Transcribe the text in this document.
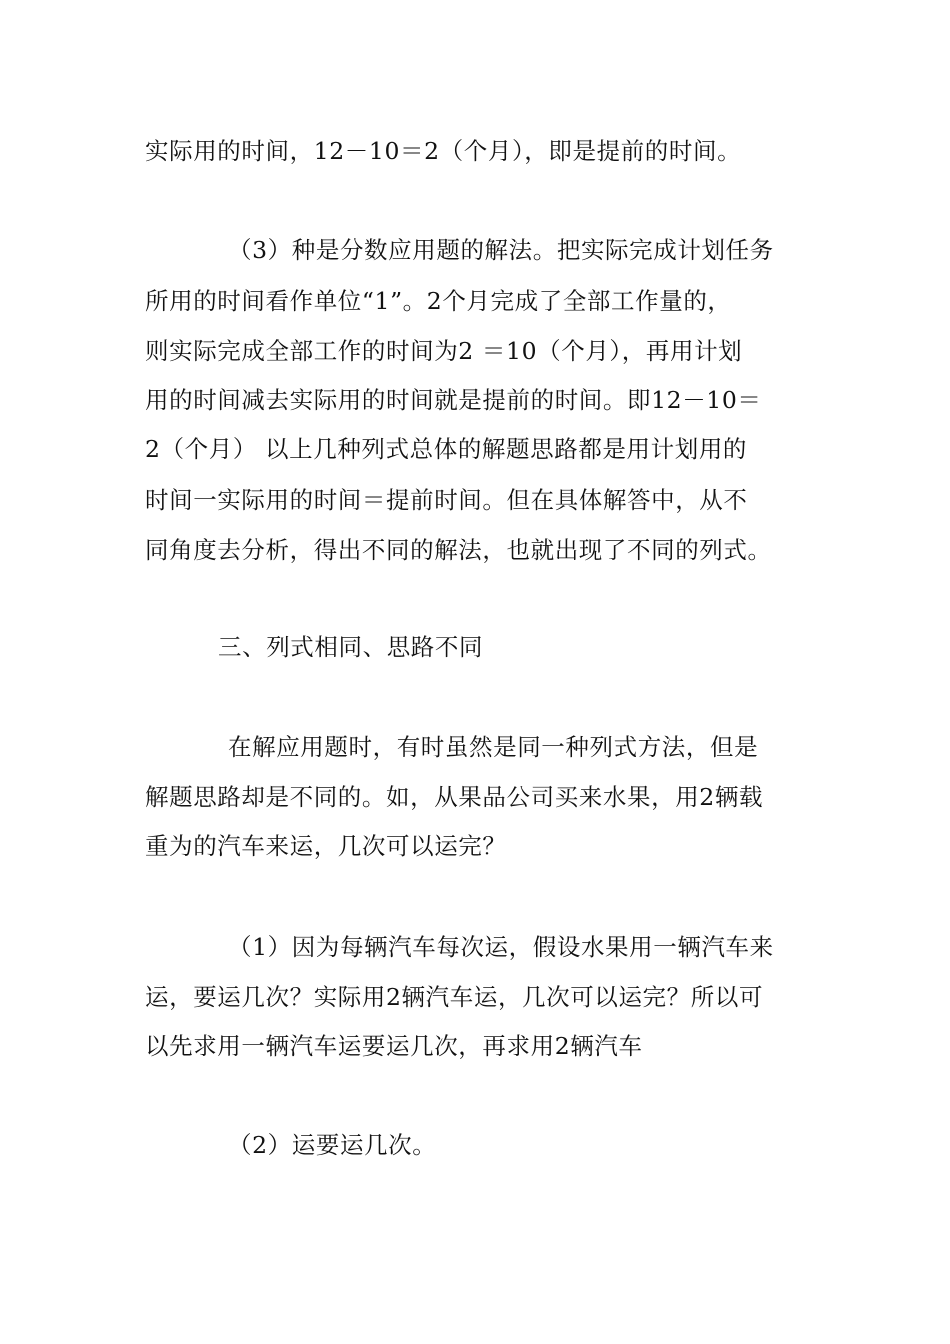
实际用的时间，12－10＝2（个月），即是提前的时间。
（3）种是分数应用题的解法。把实际完成计划任务
所用的时间看作单位“1”。2个月完成了全部工作量的，
则实际完成全部工作的时间为2 ＝10（个月），再用计划
用的时间减去实际用的时间就是提前的时间。即12－10＝
2（个月） 以上几种列式总体的解题思路都是用计划用的
时间一实际用的时间＝提前时间。但在具体解答中，从不
同角度去分析，得出不同的解法，也就出现了不同的列式。
三、列式相同、思路不同
在解应用题时，有时虽然是同一种列式方法，但是
解题思路却是不同的。如，从果品公司买来水果，用2辆载
重为的汽车来运，几次可以运完？
（1）因为每辆汽车每次运，假设水果用一辆汽车来
运，要运几次？实际用2辆汽车运，几次可以运完？所以可
以先求用一辆汽车运要运几次，再求用2辆汽车
（2）运要运几次。
